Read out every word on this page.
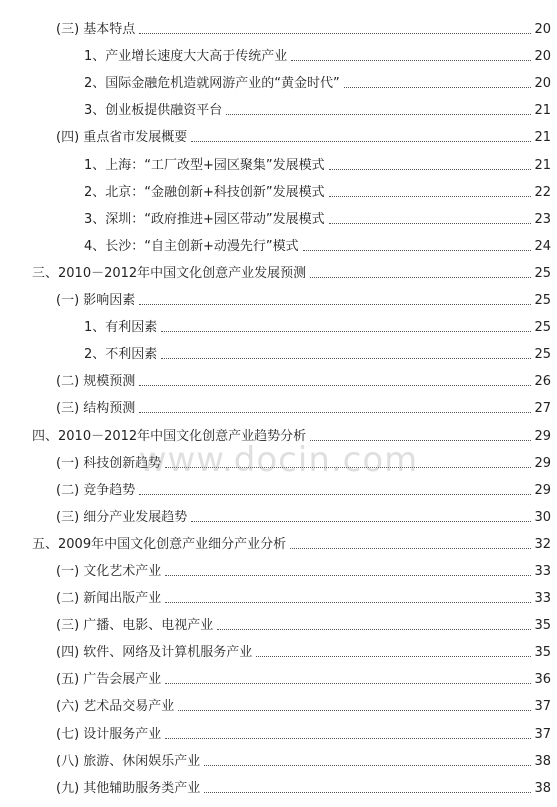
(三) 基本特点	20
1、产业增长速度大大高于传统产业	20
2、国际金融危机造就网游产业的“黄金时代”	20
3、创业板提供融资平台	21
(四) 重点省市发展概要	21
1、上海：“工厂改型+园区聚集”发展模式	21
2、北京：“金融创新+科技创新”发展模式	22
3、深圳：“政府推进+园区带动”发展模式	23
4、长沙：“自主创新+动漫先行”模式	24
三、2010－2012年中国文化创意产业发展预测	25
(一) 影响因素	25
1、有利因素	25
2、不利因素	25
(二) 规模预测	26
(三) 结构预测	27
四、2010－2012年中国文化创意产业趋势分析	29
(一) 科技创新趋势	29
(二) 竞争趋势	29
(三) 细分产业发展趋势	30
五、2009年中国文化创意产业细分产业分析	32
(一) 文化艺术产业	33
(二) 新闻出版产业	33
(三) 广播、电影、电视产业	35
(四) 软件、网络及计算机服务产业	35
(五) 广告会展产业	36
(六) 艺术品交易产业	37
(七) 设计服务产业	37
(八) 旅游、休闲娱乐产业	38
(九) 其他辅助服务类产业	38
www.docin.com
